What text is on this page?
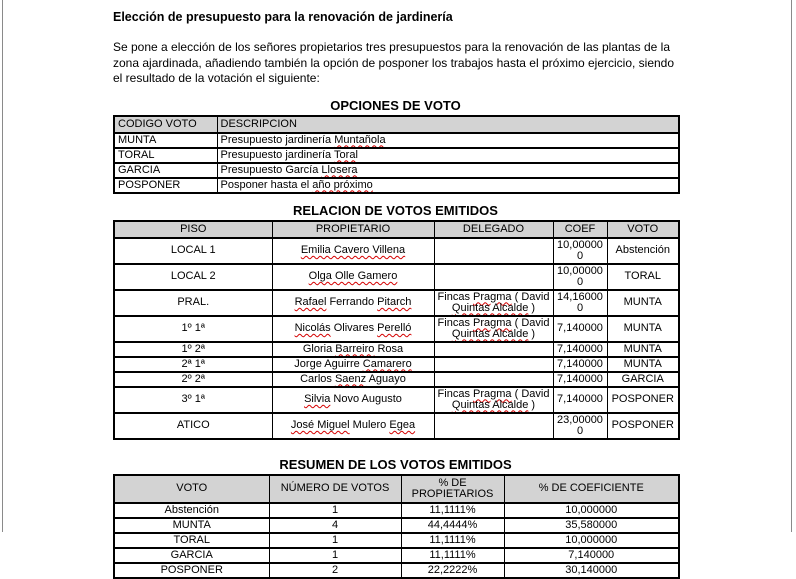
Elección de presupuesto para la renovación de jardinería

Se pone a elección de los señores propietarios tres presupuestos para la renovación de las plantas de la
zona ajardinada, añadiendo también la opción de posponer los trabajos hasta el próximo ejercicio, siendo
el resultado de la votación el siguiente:

OPCIONES DE VOTO
CODIGO VOTO	DESCRIPCION
MUNTA	Presupuesto jardinería Muntañola
TORAL	Presupuesto jardinería Toral
GARCIA	Presupuesto García Llosera
POSPONER	Posponer hasta el año próximo
RELACION DE VOTOS EMITIDOS
PISO	PROPIETARIO	DELEGADO	COEF	VOTO
LOCAL 1	Emilia Cavero Villena		10,000000	Abstención
LOCAL 2	Olga Olle Gamero		10,000000	TORAL
PRAL.	Rafael Ferrando Pitarch	Fincas Pragma ( David
Quintas Alcalde )	14,160000	MUNTA
1º 1ª	Nicolás Olivares Perelló	Fincas Pragma ( David
Quintas Alcalde )	7,140000	MUNTA
1º 2ª	Gloria Barreiro Rosa		7,140000	MUNTA
2ª 1ª	Jorge Aguirre Camarero		7,140000	MUNTA
2º 2ª	Carlos Saenz Aguayo		7,140000	GARCIA
3º 1ª	Silvia Novo Augusto	Fincas Pragma ( David
Quintas Alcalde )	7,140000	POSPONER
ATICO	José Miguel Mulero Egea		23,000000	POSPONER
RESUMEN DE LOS VOTOS EMITIDOS
VOTO	NÚMERO DE VOTOS	% DE PROPIETARIOS	% DE COEFICIENTE
Abstención	1	11,1111%	10,000000
MUNTA	4	44,4444%	35,580000
TORAL	1	11,1111%	10,000000
GARCIA	1	11,1111%	7,140000
POSPONER	2	22,2222%	30,140000
